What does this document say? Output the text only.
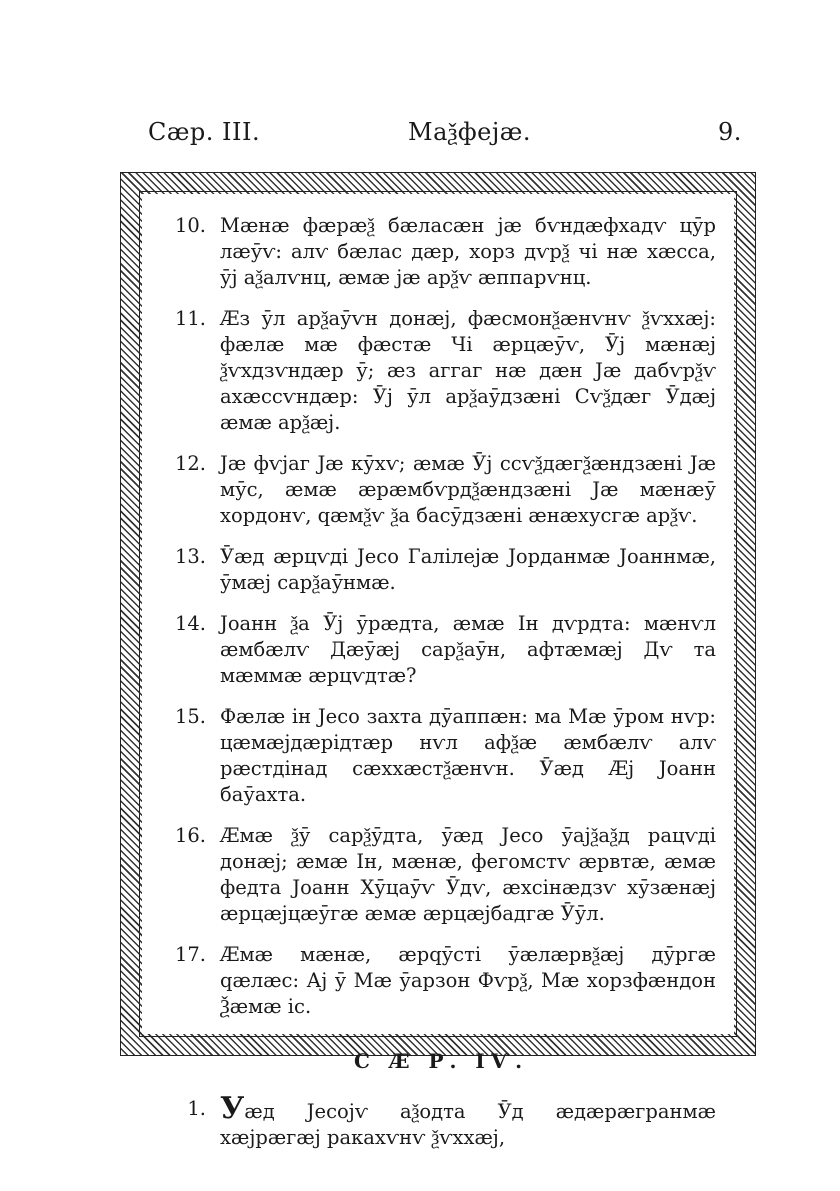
Сæр. III.	Маѯфејæ.	9.
10. Мæнæ фæрæѯ бæласæн јæ бѵндæфхадѵ цӯр лæӯѵ: алѵ бæлас дæр, хорз дѵрѯ чі нæ хæсса, ӯј аѯалѵнц, æмæ јæ арѯѵ æппарѵнц.
11. Æз ӯл арѯаӯѵн донæј, фæсмонѯæнѵнѵ ѯѵххæј: фæлæ мæ фæстæ Чі æрцæӯѵ, Ӯј мæнæј ѯѵхдзѵндæр ӯ; æз аггаг нæ дæн Јæ дабѵрѯѵ ахæссѵндæр: Ӯј ӯл арѯаӯдзæні Сѵѯдæг Ӯдæј æмæ арѯæј.
12. Јæ фѵјаг Јæ кӯхѵ; æмæ Ӯј ссѵѯдæгѯæндзæні Јæ мӯс, æмæ æрæмбѵрдѯæндзæні Јæ мæнæӯ хордонѵ, qæмѯѵ ѯа басӯдзæні æнæхусгæ арѯѵ.
13. Ӯæд æрцѵдi Јесо Галілејæ Јорданмæ Јоаннмæ, ӯмæј сарѯаӯнмæ.
14. Јоанн ѯа Ӯј ӯрæдта, æмæ Ін дѵрдта: мæнѵл æмбæлѵ Дæӯæј сарѯаӯн, афтæмæј Дѵ та мæммæ æрцѵдтæ?
15. Фæлæ ін Јесо захта дӯаппæн: ма Мæ ӯром нѵр: цæмæјдæрідтæр нѵл афѯæ æмбæлѵ алѵ рæстдінад сæххæстѯæнѵн. Ӯæд Æј Јоанн баӯахта.
16. Æмæ ѯӯ сарѯӯдта, ӯæд Јесо ӯајѯаѯд рацѵдi донæј; æмæ Ін, мæнæ, фегомстѵ æрвтæ, æмæ федта Јоанн Хӯцаӯѵ Ӯдѵ, æхсінæдзѵ хӯзæнæј æрцæјцæӯгæ æмæ æрцæјбадгæ Ӯӯл.
17. Æмæ мæнæ, æрqӯсті ӯæлæрвѯæј дӯргæ qæлæс: Ај ӯ Мæ ӯарзон Фѵрѯ, Мæ хорзфæндон Ѯæмæ іс.
С Æ Р. IѴ.
1. Уæд Јесојѵ аѯодта Ӯд æдæрæгранмæ хæјрæгæј ракахѵнѵ ѯѵххæј,
